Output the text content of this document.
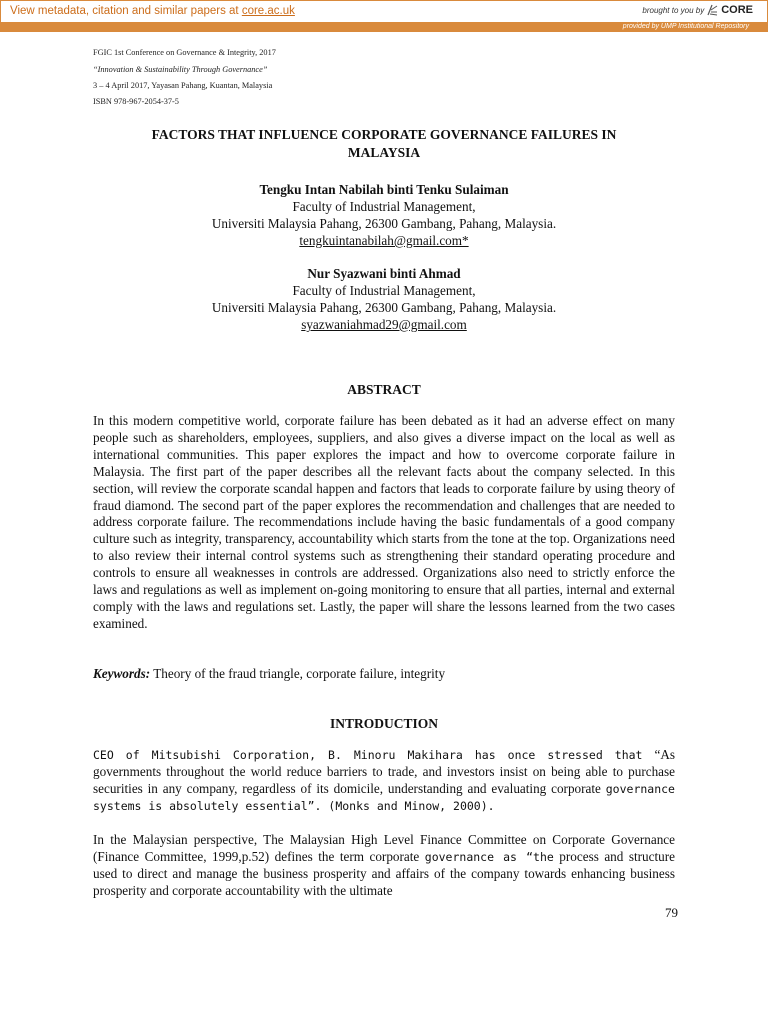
View metadata, citation and similar papers at core.ac.uk	brought to you by CORE
provided by UMP Institutional Repository
FGIC 1st Conference on Governance & Integrity, 2017
“Innovation & Sustainability Through Governance”
3 – 4 April 2017, Yayasan Pahang, Kuantan, Malaysia
ISBN 978-967-2054-37-5
FACTORS THAT INFLUENCE CORPORATE GOVERNANCE FAILURES IN
MALAYSIA
Tengku Intan Nabilah binti Tenku Sulaiman
Faculty of Industrial Management,
Universiti Malaysia Pahang, 26300 Gambang, Pahang, Malaysia.
tengkuintanabilah@gmail.com*
Nur Syazwani binti Ahmad
Faculty of Industrial Management,
Universiti Malaysia Pahang, 26300 Gambang, Pahang, Malaysia.
syazwaniahmad29@gmail.com
ABSTRACT
In this modern competitive world, corporate failure has been debated as it had an adverse effect on many people such as shareholders, employees, suppliers, and also gives a diverse impact on the local as well as international communities. This paper explores the impact and how to overcome corporate failure in Malaysia. The first part of the paper describes all the relevant facts about the company selected. In this section, will review the corporate scandal happen and factors that leads to corporate failure by using theory of fraud diamond. The second part of the paper explores the recommendation and challenges that are needed to address corporate failure. The recommendations include having the basic fundamentals of a good company culture such as integrity, transparency, accountability which starts from the tone at the top. Organizations need to also review their internal control systems such as strengthening their standard operating procedure and controls to ensure all weaknesses in controls are addressed. Organizations also need to strictly enforce the laws and regulations as well as implement on-going monitoring to ensure that all parties, internal and external comply with the laws and regulations set. Lastly, the paper will share the lessons learned from the two cases examined.
Keywords: Theory of the fraud triangle, corporate failure, integrity
INTRODUCTION
CEO of Mitsubishi Corporation, B. Minoru Makihara has once stressed that “As governments throughout the world reduce barriers to trade, and investors insist on being able to purchase securities in any company, regardless of its domicile, understanding and evaluating corporate governance systems is absolutely essential”. (Monks and Minow, 2000).
In the Malaysian perspective, The Malaysian High Level Finance Committee on Corporate Governance (Finance Committee, 1999,p.52) defines the term corporate governance as “the process and structure used to direct and manage the business prosperity and affairs of the company towards enhancing business prosperity and corporate accountability with the ultimate
79
